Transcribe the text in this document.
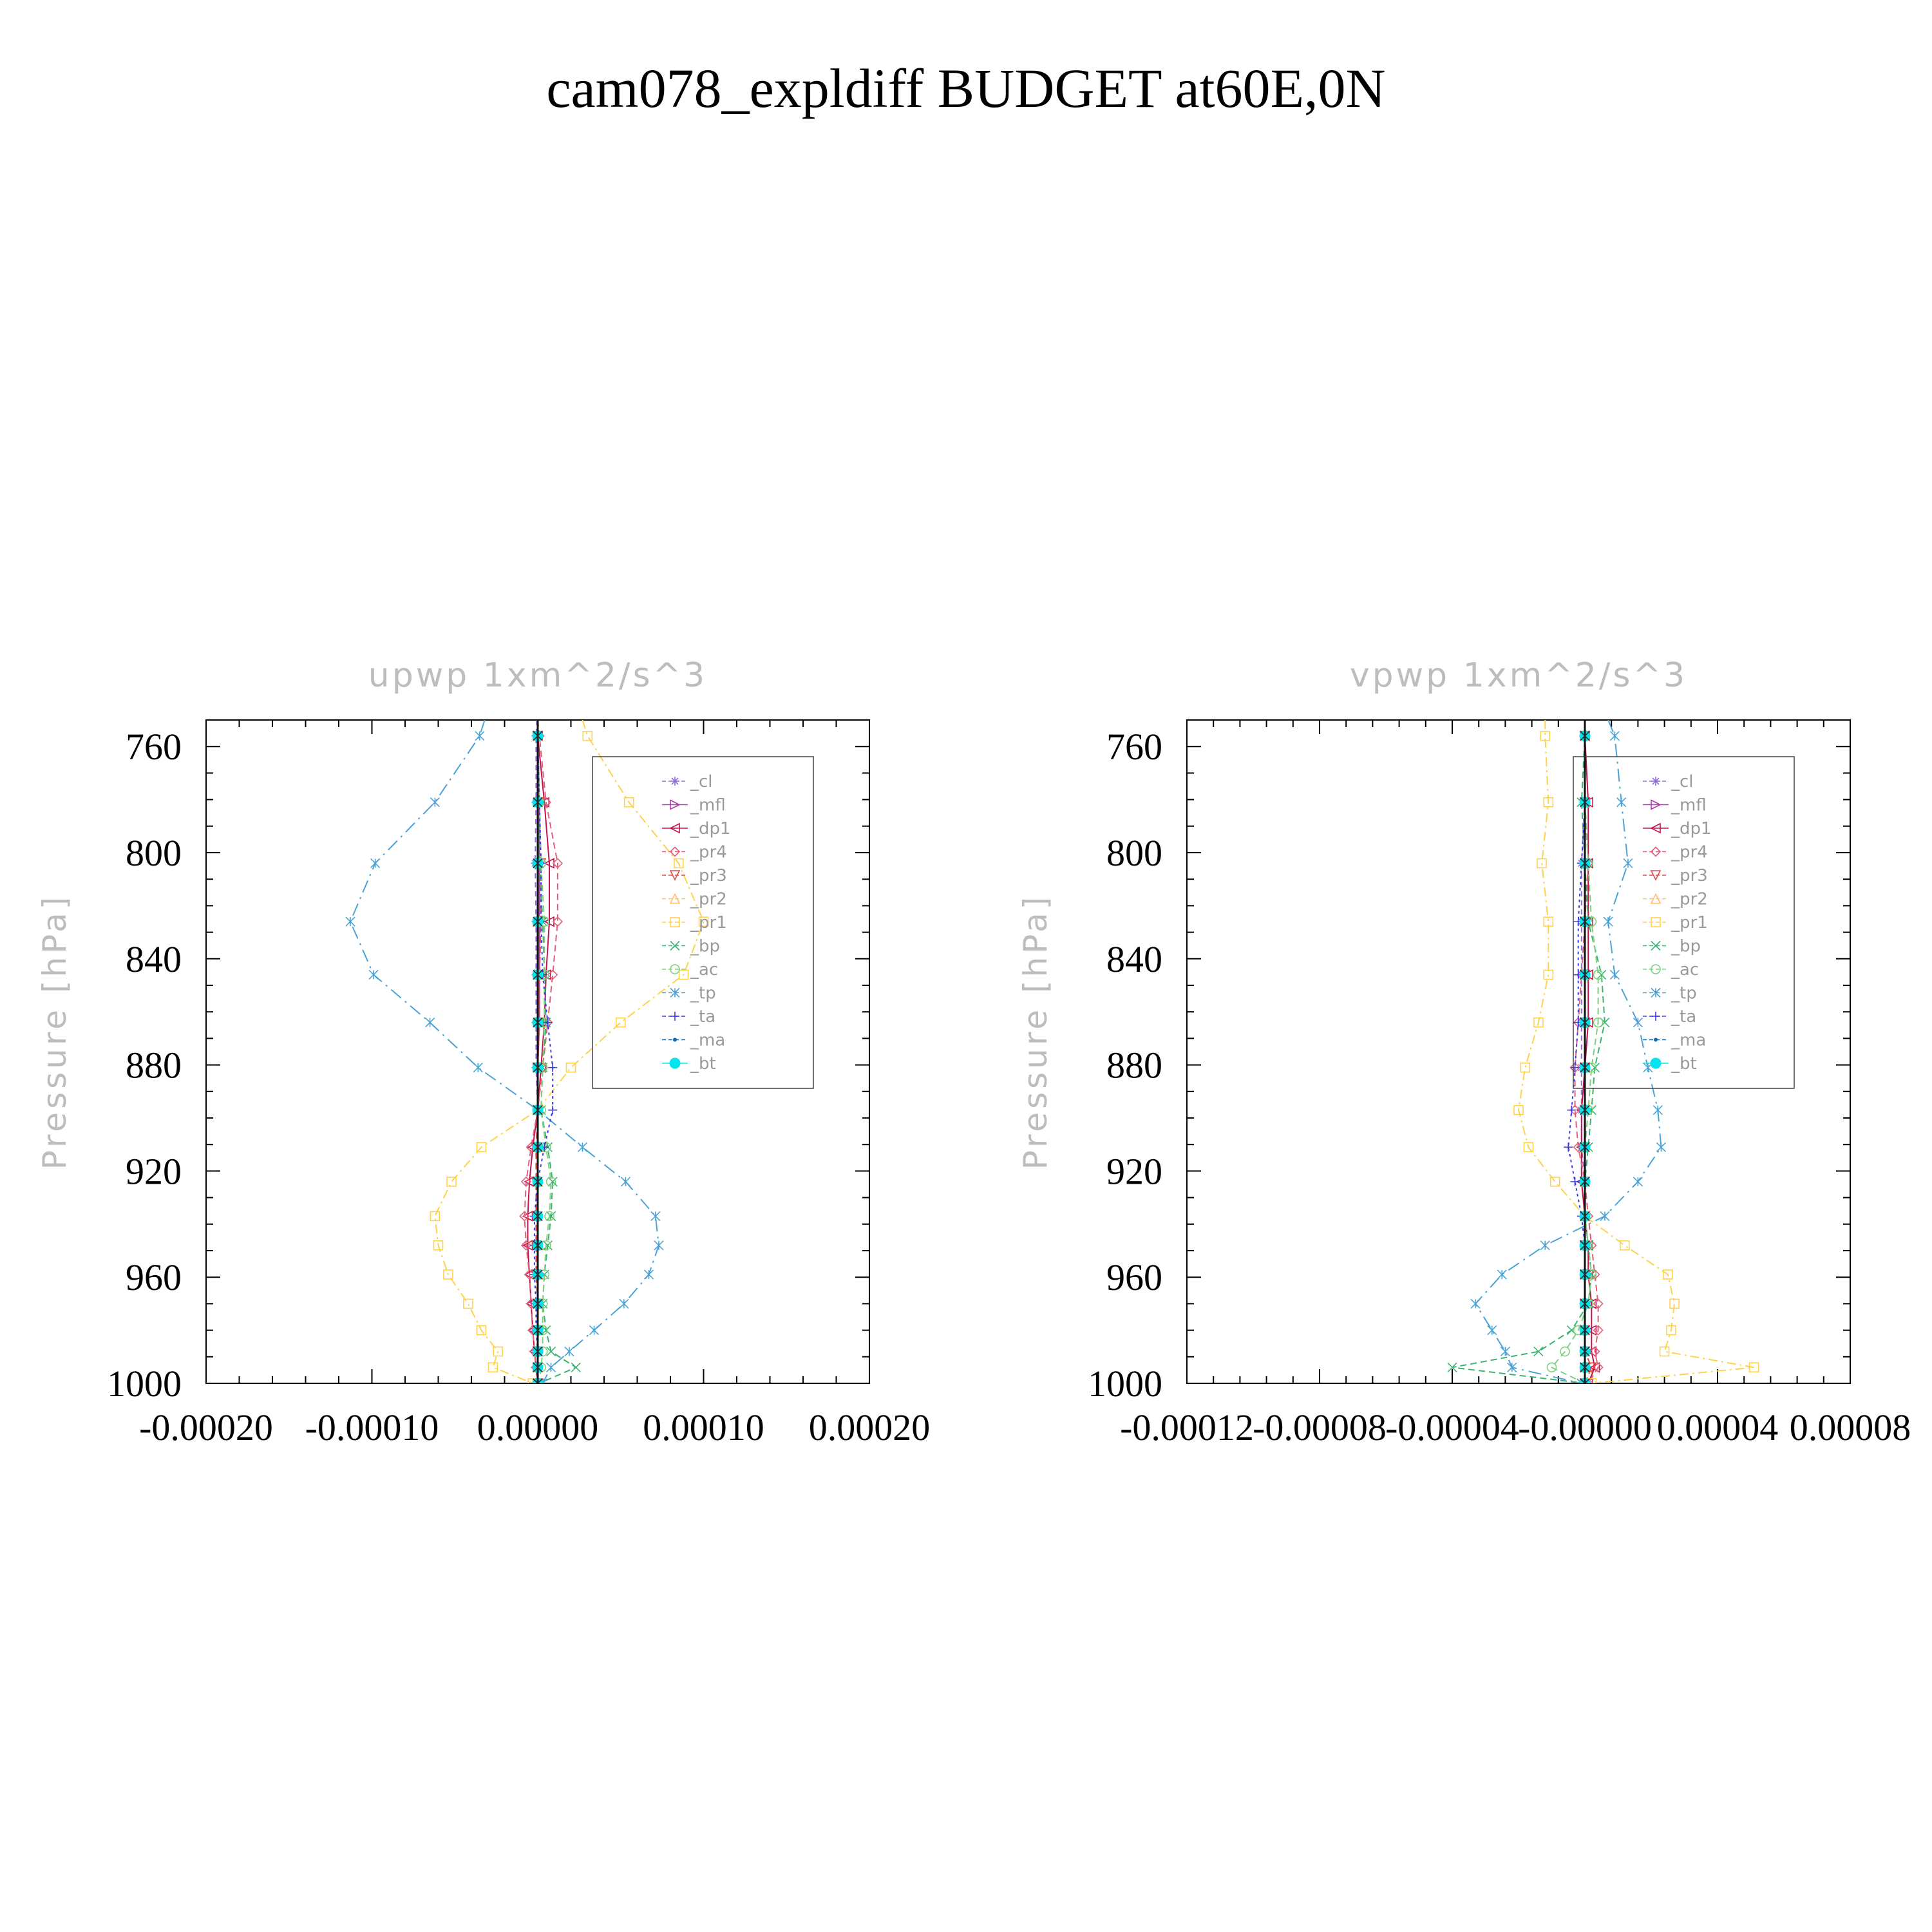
cam078_expldiff BUDGET at60E,0N
upwp 1xm^2/s^3
Pressure [hPa]
760
800
840
880
920
960
1000
-0.00020 -0.00010 0.00000 0.00010 0.00020
_cl
_mfl
_dp1
_pr4
_pr3
_pr2
_pr1
_bp
_ac
_tp
_ta
_ma
_bt
vpwp 1xm^2/s^3
Pressure [hPa]
760
800
840
880
920
960
1000
-0.00012
-0.00008
-0.00004
-0.00000 0.00004 0.00008
_cl
_mfl
_dp1
_pr4
_pr3
_pr2
_pr1
_bp
_ac
_tp
_ta
_ma
_bt
